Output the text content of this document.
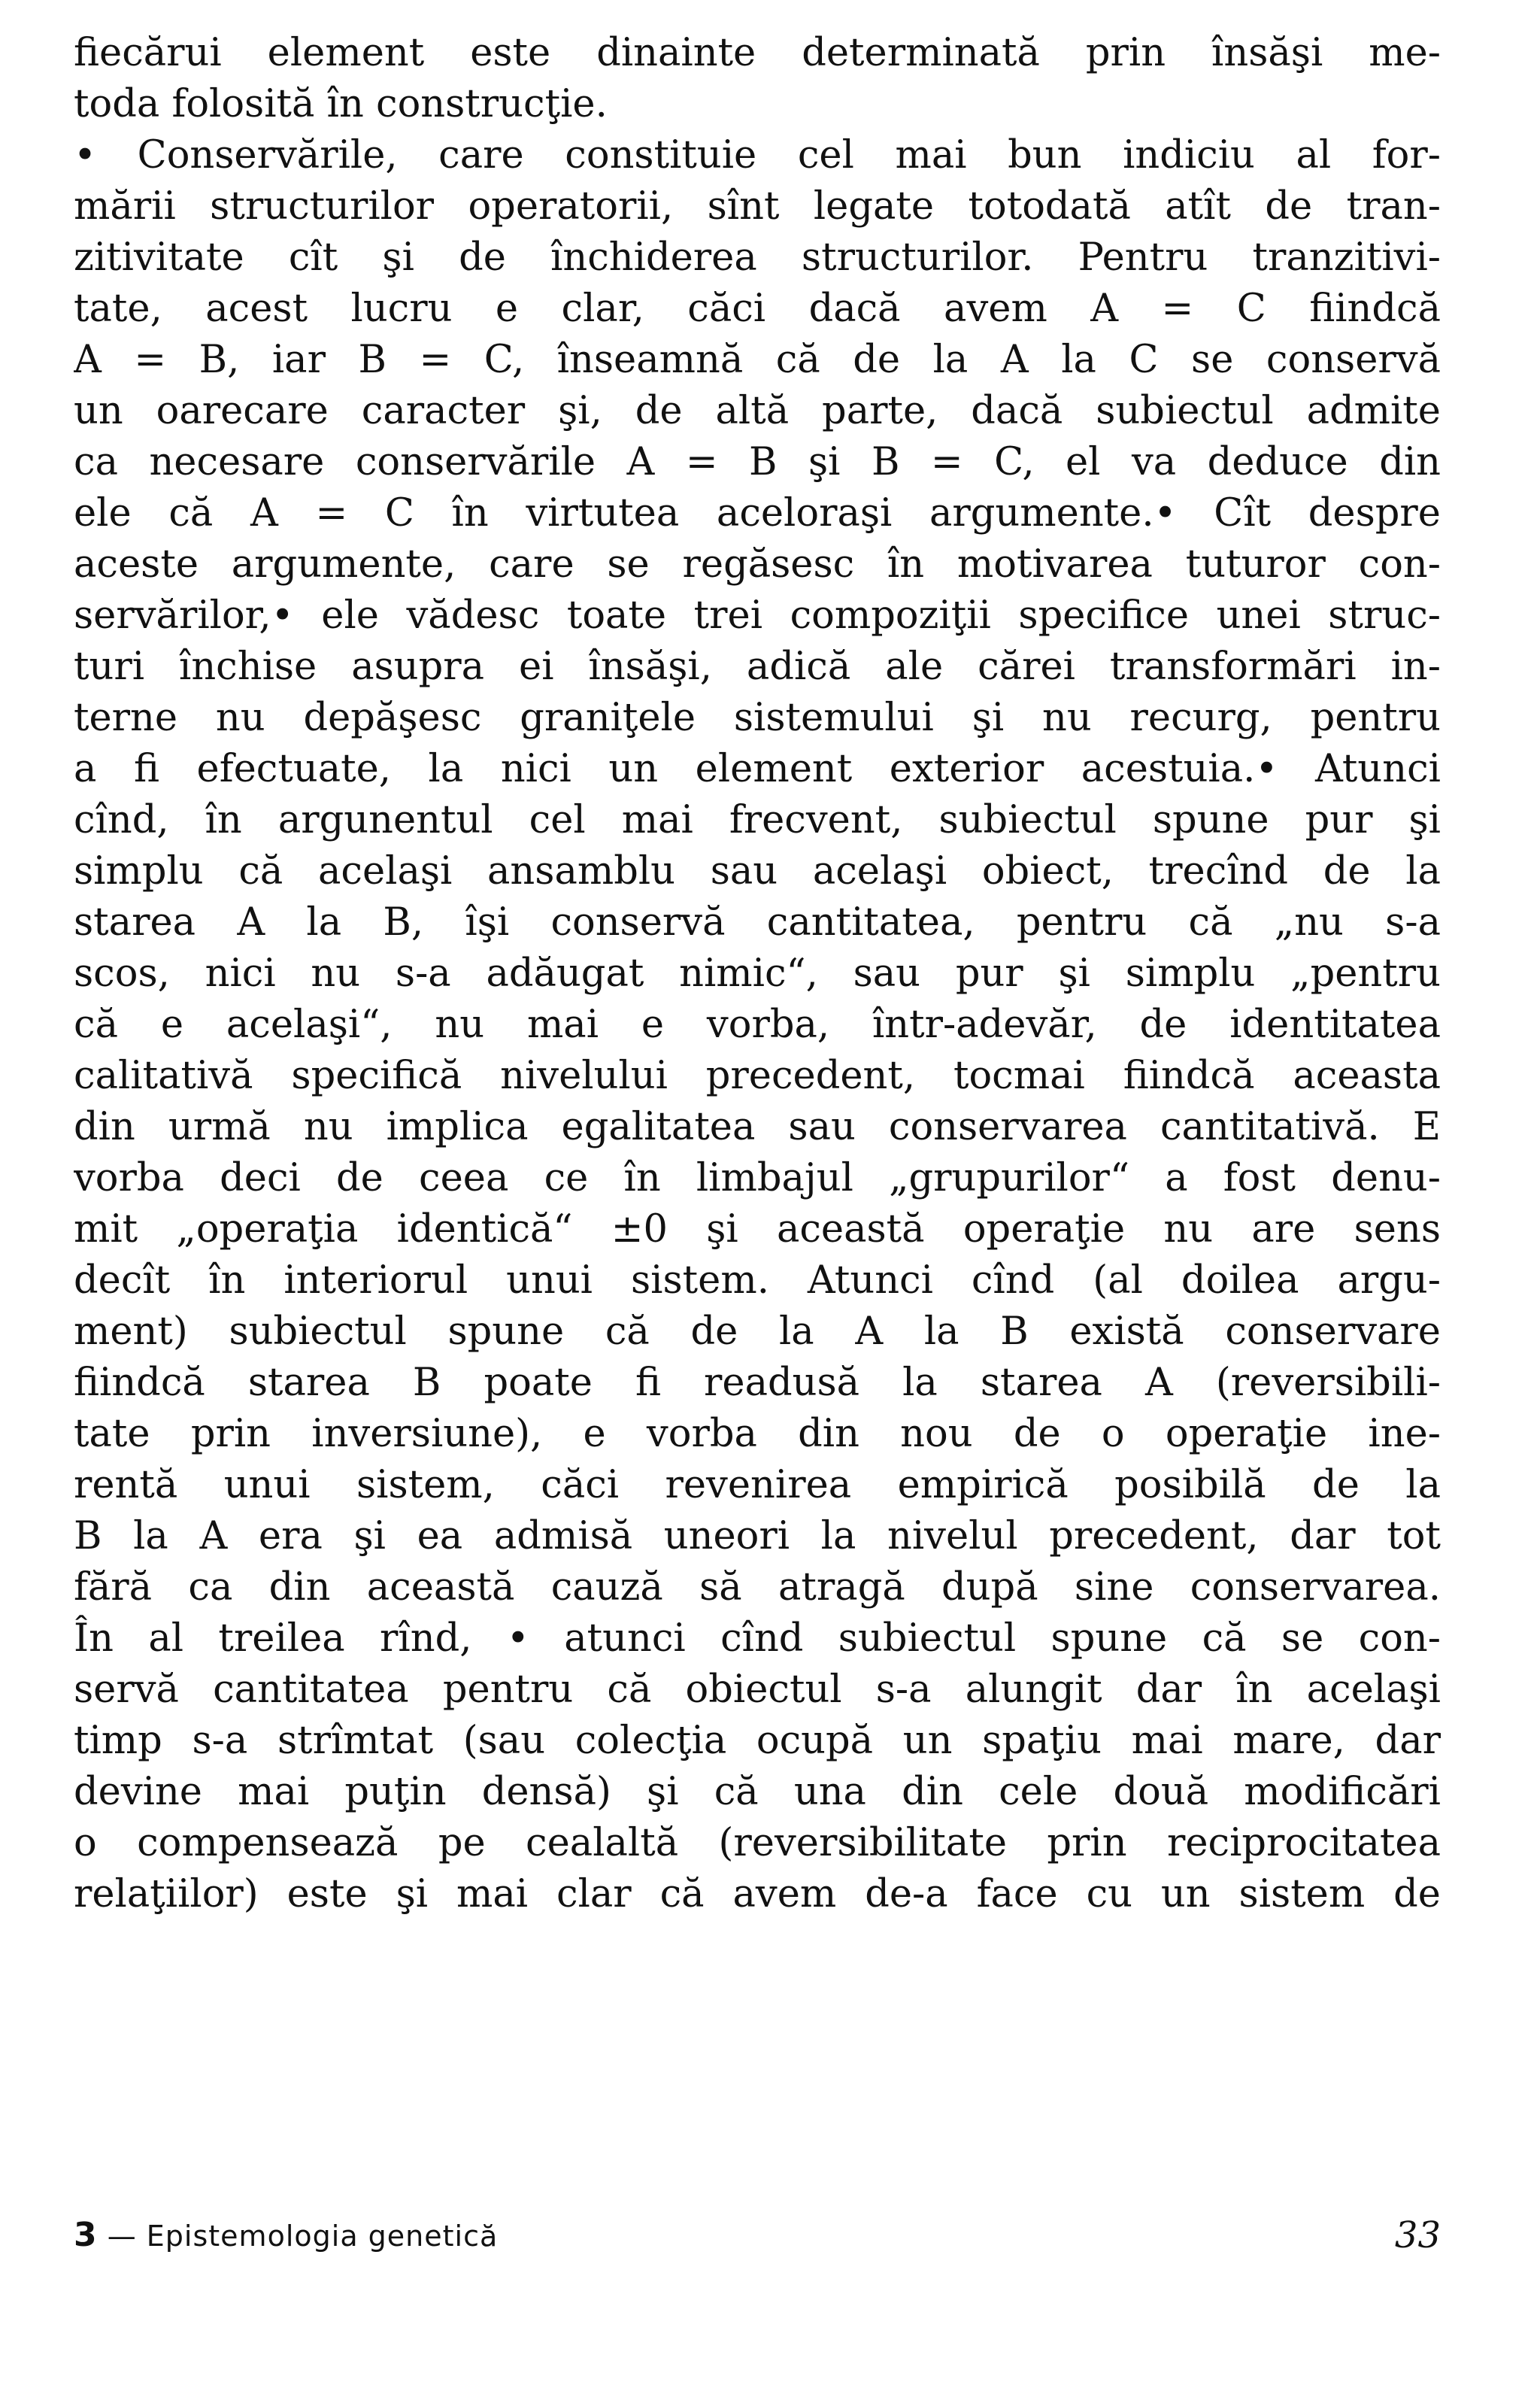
fiecărui element este dinainte determinată prin însăşi me-
toda folosită în construcţie.
• Conservările, care constituie cel mai bun indiciu al for-
mării structurilor operatorii, sînt legate totodată atît de tran-
zitivitate cît şi de închiderea structurilor. Pentru tranzitivi-
tate, acest lucru e clar, căci dacă avem A = C fiindcă
A = B, iar B = C, înseamnă că de la A la C se conservă
un oarecare caracter şi, de altă parte, dacă subiectul admite
ca necesare conservările A = B şi B = C, el va deduce din
ele că A = C în virtutea aceloraşi argumente.• Cît despre
aceste argumente, care se regăsesc în motivarea tuturor con-
servărilor,• ele vădesc toate trei compoziţii specifice unei struc-
turi închise asupra ei însăşi, adică ale cărei transformări in-
terne nu depăşesc graniţele sistemului şi nu recurg, pentru
a fi efectuate, la nici un element exterior acestuia.• Atunci
cînd, în argunentul cel mai frecvent, subiectul spune pur şi
simplu că acelaşi ansamblu sau acelaşi obiect, trecînd de la
starea A la B, îşi conservă cantitatea, pentru că „nu s-a
scos, nici nu s-a adăugat nimic“, sau pur şi simplu „pentru
că e acelaşi“, nu mai e vorba, într-adevăr, de identitatea
calitativă specifică nivelului precedent, tocmai fiindcă aceasta
din urmă nu implica egalitatea sau conservarea cantitativă. E
vorba deci de ceea ce în limbajul „grupurilor“ a fost denu-
mit „operaţia identică“ ±0 şi această operaţie nu are sens
decît în interiorul unui sistem. Atunci cînd (al doilea argu-
ment) subiectul spune că de la A la B există conservare
fiindcă starea B poate fi readusă la starea A (reversibili-
tate prin inversiune), e vorba din nou de o operaţie ine-
rentă unui sistem, căci revenirea empirică posibilă de la
B la A era şi ea admisă uneori la nivelul precedent, dar tot
fără ca din această cauză să atragă după sine conservarea.
În al treilea rînd, • atunci cînd subiectul spune că se con-
servă cantitatea pentru că obiectul s-a alungit dar în acelaşi
timp s-a strîmtat (sau colecţia ocupă un spaţiu mai mare, dar
devine mai puţin densă) şi că una din cele două modificări
o compensează pe cealaltă (reversibilitate prin reciprocitatea
relaţiilor) este şi mai clar că avem de-a face cu un sistem de
3 — Epistemologia genetică	33
